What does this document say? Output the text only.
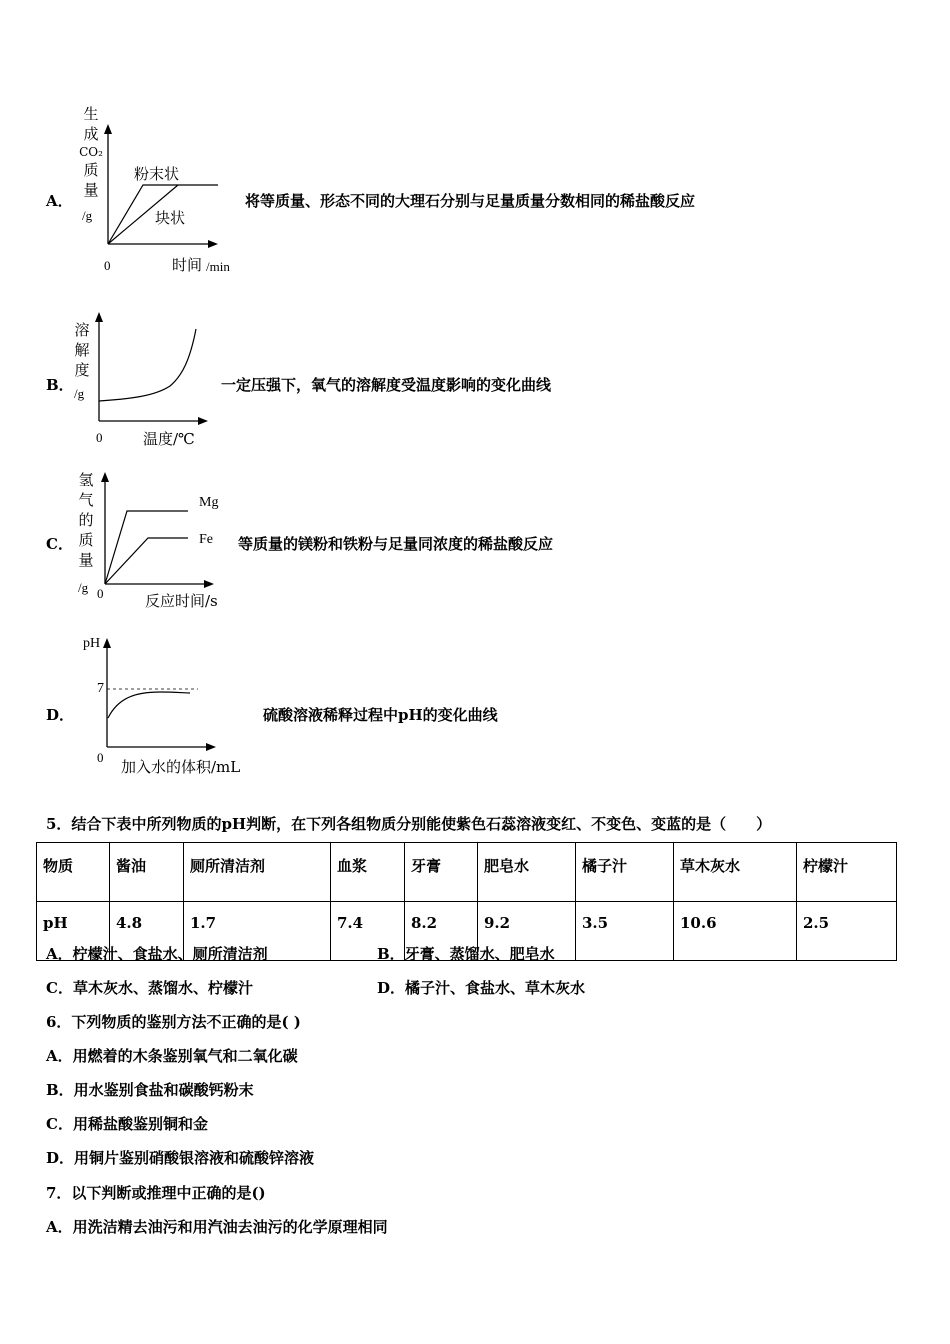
A．
生
成
CO₂
质
量
/g
0	时间 /min
粉末状
块状
将等质量、形态不同的大理石分别与足量质量分数相同的稀盐酸反应
B．
溶
解
度
/g
0	温度/℃
一定压强下，氧气的溶解度受温度影响的变化曲线
C．
氢
气
的
质
量
/g 0	反应时间/s
Mg
Fe 等质量的镁粉和铁粉与足量同浓度的稀盐酸反应
D．
pH
7
0
加入水的体积/mL
硫酸溶液稀释过程中pH的变化曲线
5．结合下表中所列物质的pH判断，在下列各组物质分别能使紫色石蕊溶液变红、不变色、变蓝的是（　　）
物质	酱油	厕所清洁剂	血浆	牙膏	肥皂水	橘子汁	草木灰水	柠檬汁
pH	4.8	1.7	7.4	8.2	9.2	3.5	10.6	2.5
A．柠檬汁、食盐水、厕所清洁剂	B．牙膏、蒸馏水、肥皂水
C．草木灰水、蒸馏水、柠檬汁	D．橘子汁、食盐水、草木灰水
6．下列物质的鉴别方法不正确的是( )
A．用燃着的木条鉴别氧气和二氧化碳
B．用水鉴别食盐和碳酸钙粉末
C．用稀盐酸鉴别铜和金
D．用铜片鉴别硝酸银溶液和硫酸锌溶液
7．以下判断或推理中正确的是()
A．用洗洁精去油污和用汽油去油污的化学原理相同
